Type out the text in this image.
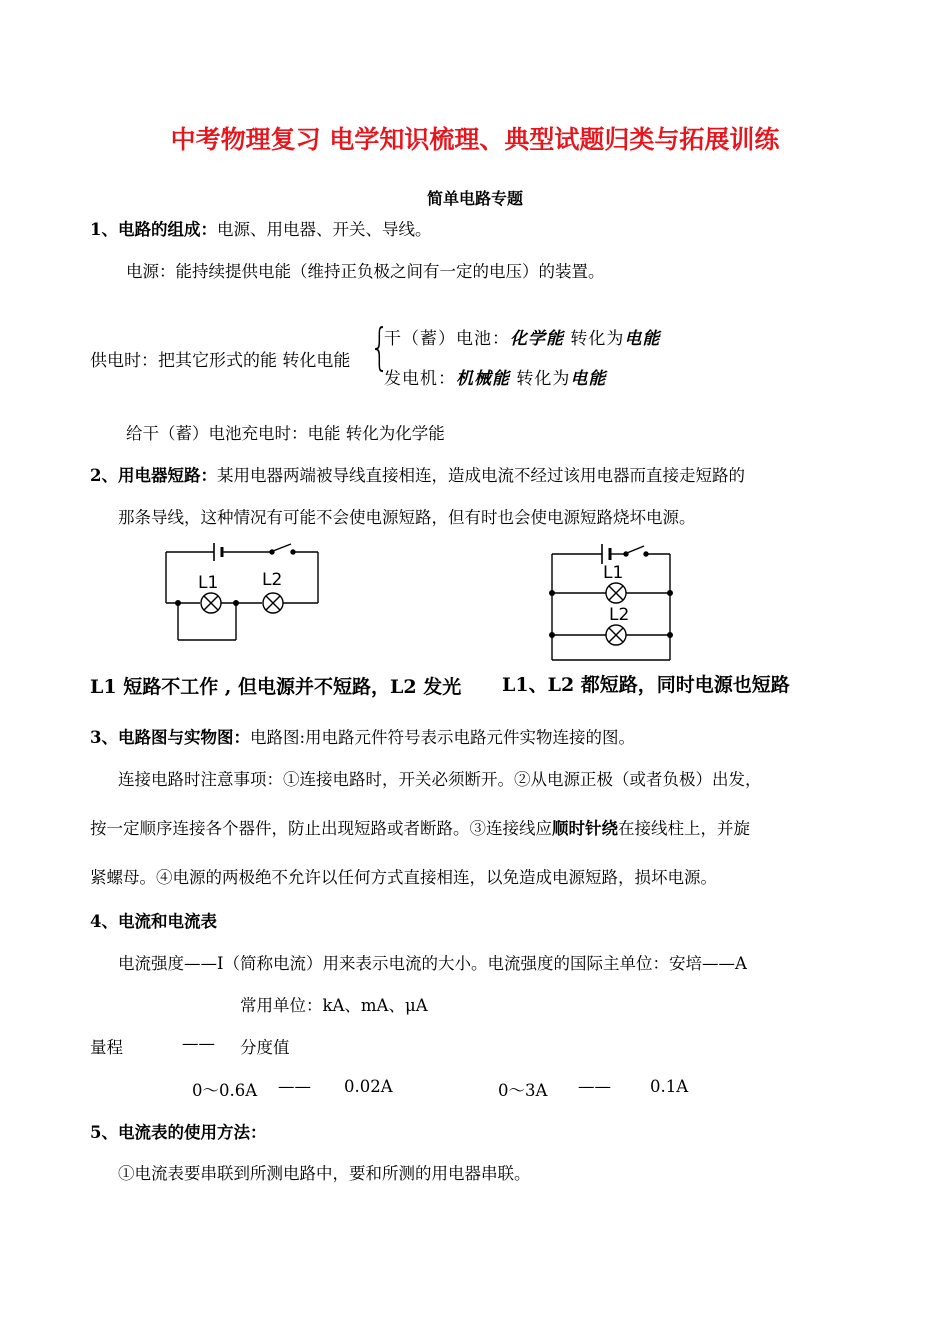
中考物理复习 电学知识梳理、典型试题归类与拓展训练
简单电路专题
1、电路的组成：电源、用电器、开关、导线。
电源：能持续提供电能（维持正负极之间有一定的电压）的装置。
供电时：把其它形式的能 转化电能 {
干（蓄）电池：化学能 转化为电能
发电机：机械能 转化为电能
给干（蓄）电池充电时：电能 转化为化学能
2、用电器短路：某用电器两端被导线直接相连，造成电流不经过该用电器而直接走短路的
那条导线，这种情况有可能不会使电源短路，但有时也会使电源短路烧坏电源。
L1	L2	L1
L2
L1 短路不工作 , 但电源并不短路，L2 发光 L1、L2 都短路，同时电源也短路
3、电路图与实物图：电路图:用电路元件符号表示电路元件实物连接的图。
连接电路时注意事项：①连接电路时，开关必须断开。②从电源正极（或者负极）出发，
按一定顺序连接各个器件，防止出现短路或者断路。③连接线应顺时针绕在接线柱上，并旋
紧螺母。④电源的两极绝不允许以任何方式直接相连，以免造成电源短路，损坏电源。
4、电流和电流表
电流强度——I（简称电流）用来表示电流的大小。电流强度的国际主单位：安培——A
常用单位：kA、mA、μA
量程	—— 分度值
0～0.6A —— 0.02A	0～3A —— 0.1A
5、电流表的使用方法：
①电流表要串联到所测电路中，要和所测的用电器串联。
